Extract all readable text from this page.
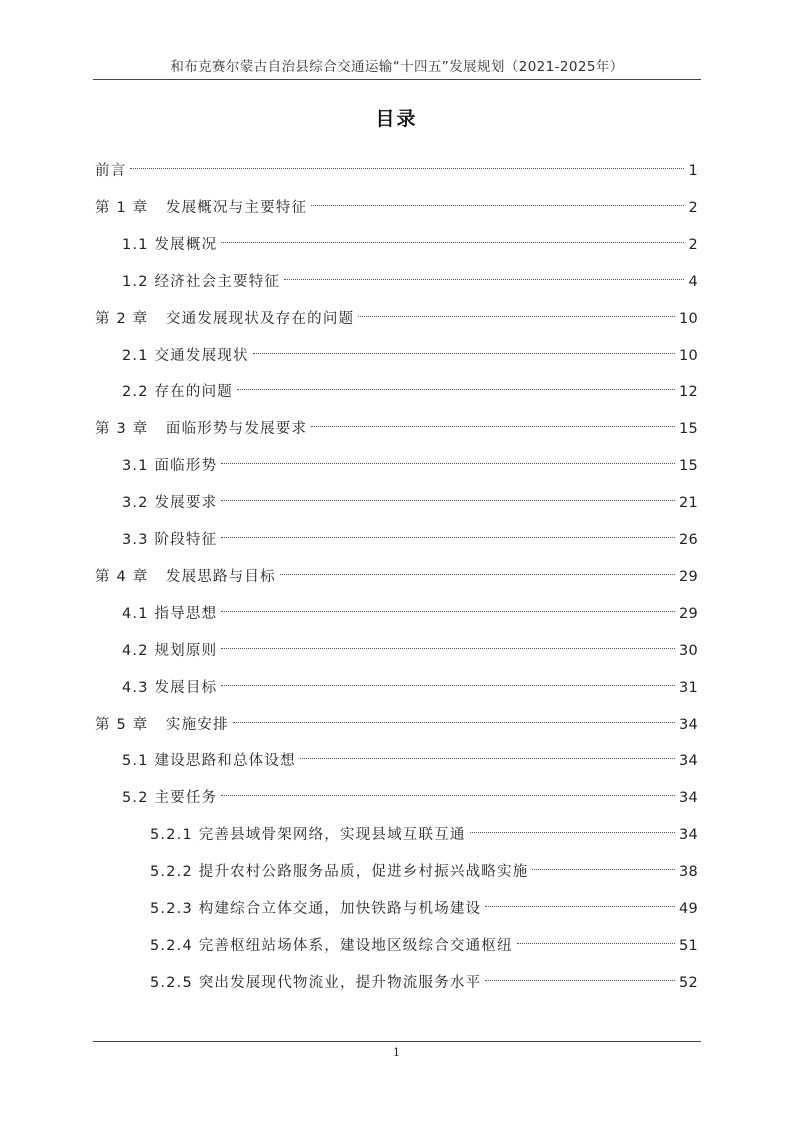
和布克赛尔蒙古自治县综合交通运输“十四五”发展规划（2021-2025年）
目录
前言	1
第 1 章   发展概况与主要特征	2
1.1 发展概况	2
1.2 经济社会主要特征	4
第 2 章   交通发展现状及存在的问题	10
2.1 交通发展现状	10
2.2 存在的问题	12
第 3 章   面临形势与发展要求	15
3.1 面临形势	15
3.2 发展要求	21
3.3 阶段特征	26
第 4 章   发展思路与目标	29
4.1 指导思想	29
4.2 规划原则	30
4.3 发展目标	31
第 5 章   实施安排	34
5.1 建设思路和总体设想	34
5.2 主要任务	34
5.2.1 完善县域骨架网络，实现县域互联互通	34
5.2.2 提升农村公路服务品质，促进乡村振兴战略实施	38
5.2.3 构建综合立体交通，加快铁路与机场建设	49
5.2.4 完善枢纽站场体系，建设地区级综合交通枢纽	51
5.2.5 突出发展现代物流业，提升物流服务水平	52
1
